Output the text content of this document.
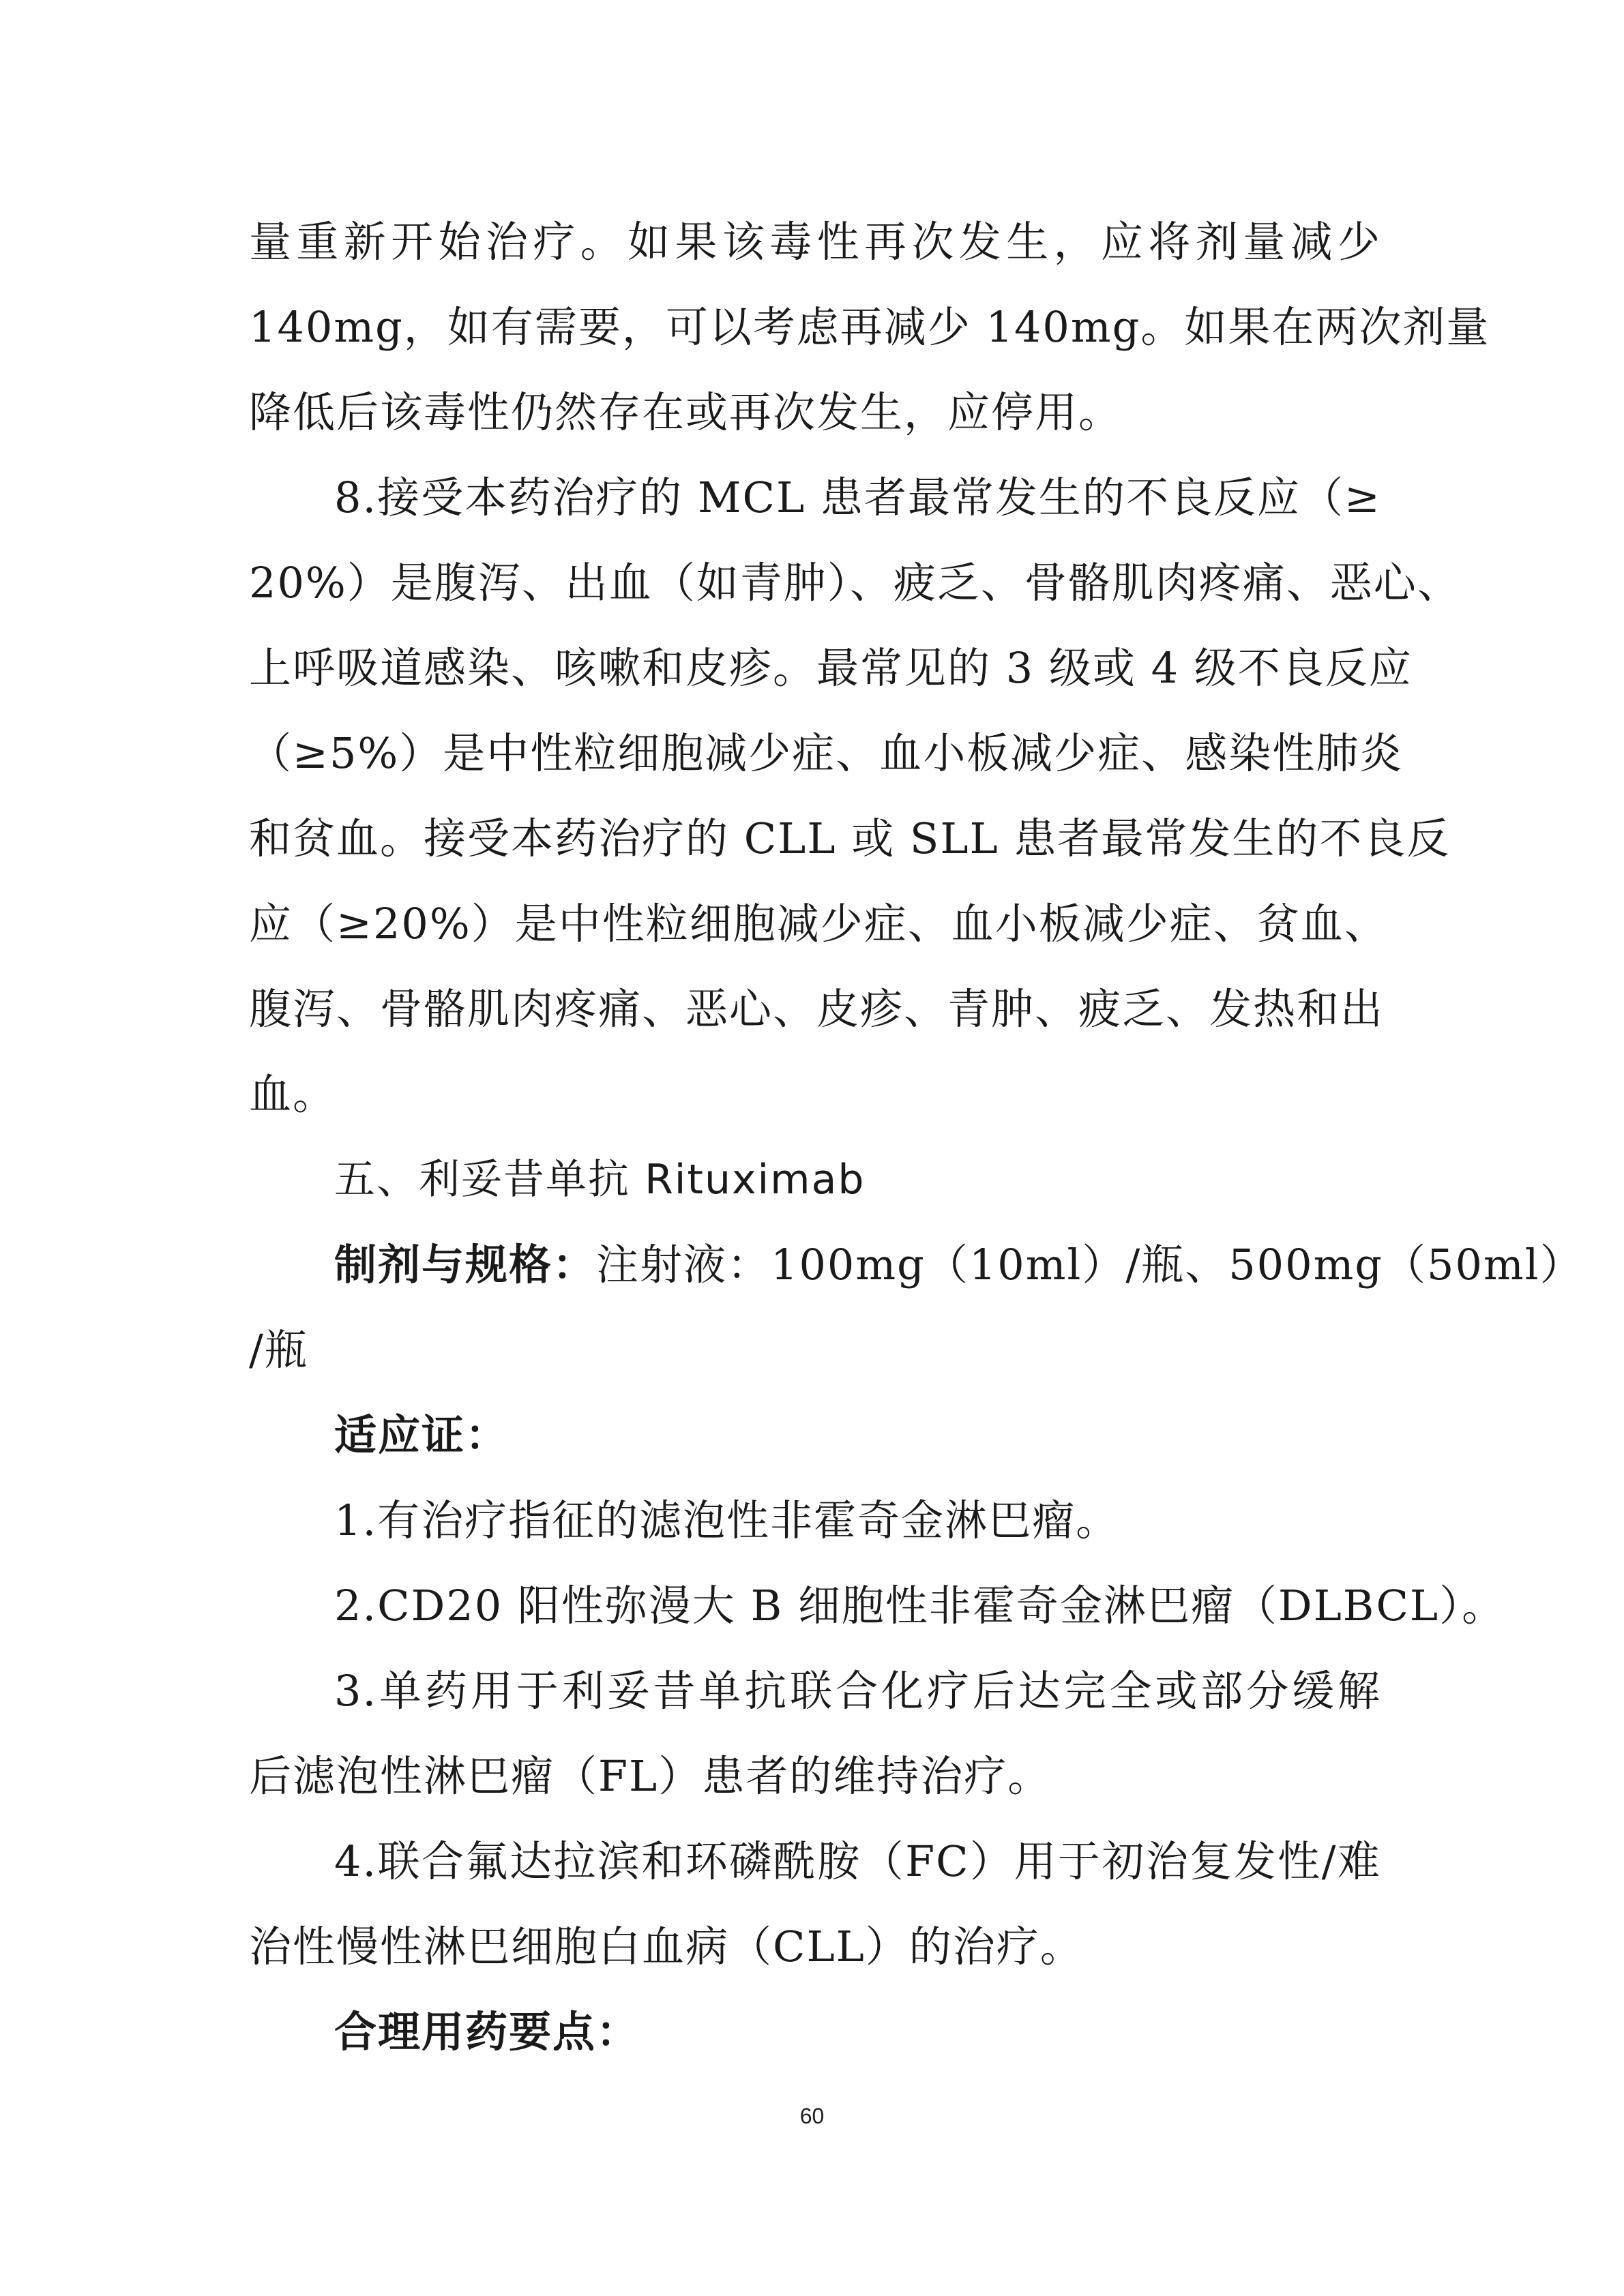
量重新开始治疗。如果该毒性再次发生，应将剂量减少
140mg，如有需要，可以考虑再减少 140mg。如果在两次剂量
降低后该毒性仍然存在或再次发生，应停用。
8.接受本药治疗的 MCL 患者最常发生的不良反应（≥
20%）是腹泻、出血（如青肿）、疲乏、骨骼肌肉疼痛、恶心、
上呼吸道感染、咳嗽和皮疹。最常见的 3 级或 4 级不良反应
（≥5%）是中性粒细胞减少症、血小板减少症、感染性肺炎
和贫血。接受本药治疗的 CLL 或 SLL 患者最常发生的不良反
应（≥20%）是中性粒细胞减少症、血小板减少症、贫血、
腹泻、骨骼肌肉疼痛、恶心、皮疹、青肿、疲乏、发热和出
血。
五、利妥昔单抗 Rituximab
制剂与规格：注射液：100mg（10ml）/瓶、500mg（50ml）
/瓶
适应证：
1.有治疗指征的滤泡性非霍奇金淋巴瘤。
2.CD20 阳性弥漫大 B 细胞性非霍奇金淋巴瘤（DLBCL）。
3.单药用于利妥昔单抗联合化疗后达完全或部分缓解
后滤泡性淋巴瘤（FL）患者的维持治疗。
4.联合氟达拉滨和环磷酰胺（FC）用于初治复发性/难
治性慢性淋巴细胞白血病（CLL）的治疗。
合理用药要点：
60
